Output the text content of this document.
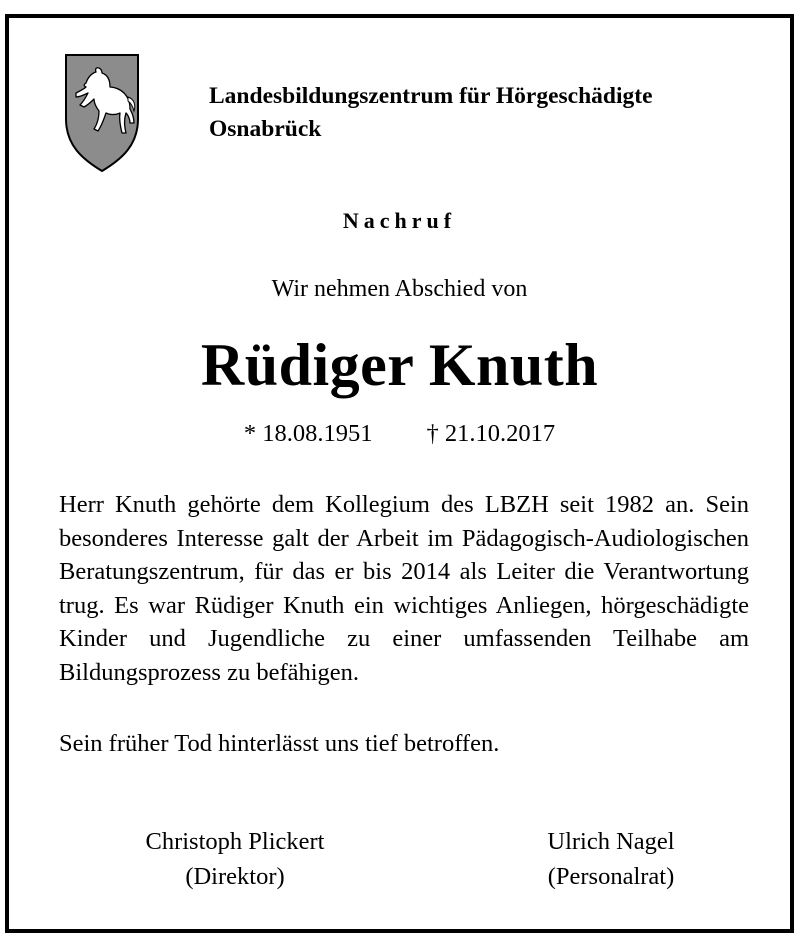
Landesbildungszentrum für Hörgeschädigte
Osnabrück
Nachruf
Wir nehmen Abschied von
Rüdiger Knuth
* 18.08.1951 † 21.10.2017
Herr Knuth gehörte dem Kollegium des LBZH seit 1982 an. Sein besonderes Interesse galt der Arbeit im Pädagogisch-Audiologischen Beratungszentrum, für das er bis 2014 als Leiter die Verantwortung trug. Es war Rüdiger Knuth ein wichtiges Anliegen, hörgeschädigte Kinder und Jugendliche zu einer umfassenden Teilhabe am Bildungsprozess zu befähigen.
Sein früher Tod hinterlässt uns tief betroffen.
Christoph Plickert
(Direktor)
Ulrich Nagel
(Personalrat)
